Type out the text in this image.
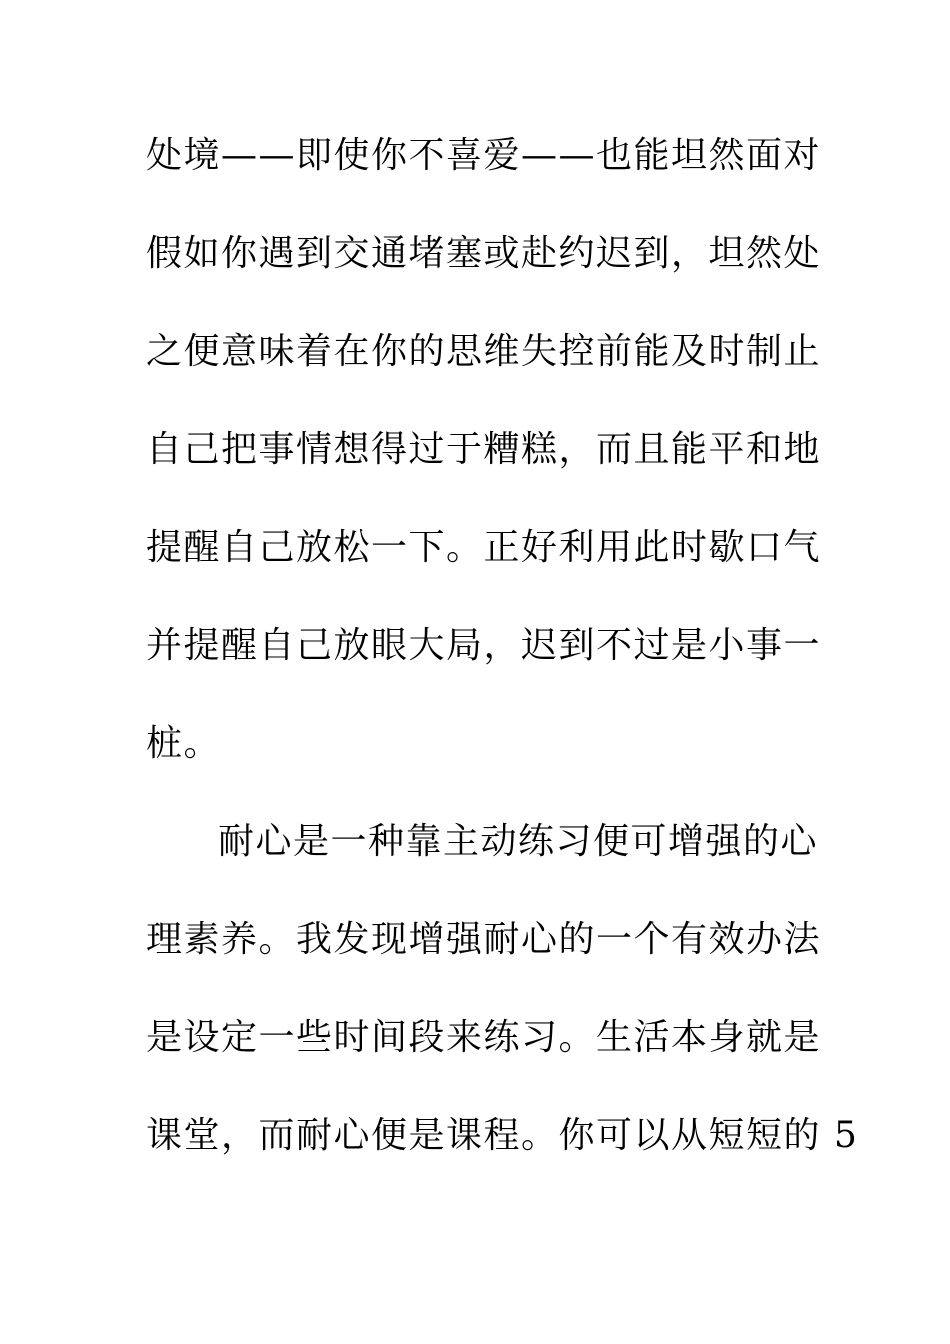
处境——即使你不喜爱——也能坦然面对
假如你遇到交通堵塞或赴约迟到，坦然处
之便意味着在你的思维失控前能及时制止
自己把事情想得过于糟糕，而且能平和地
提醒自己放松一下。正好利用此时歇口气
并提醒自己放眼大局，迟到不过是小事一
桩。
耐心是一种靠主动练习便可增强的心
理素养。我发现增强耐心的一个有效办法
是设定一些时间段来练习。生活本身就是
课堂，而耐心便是课程。你可以从短短的 5
